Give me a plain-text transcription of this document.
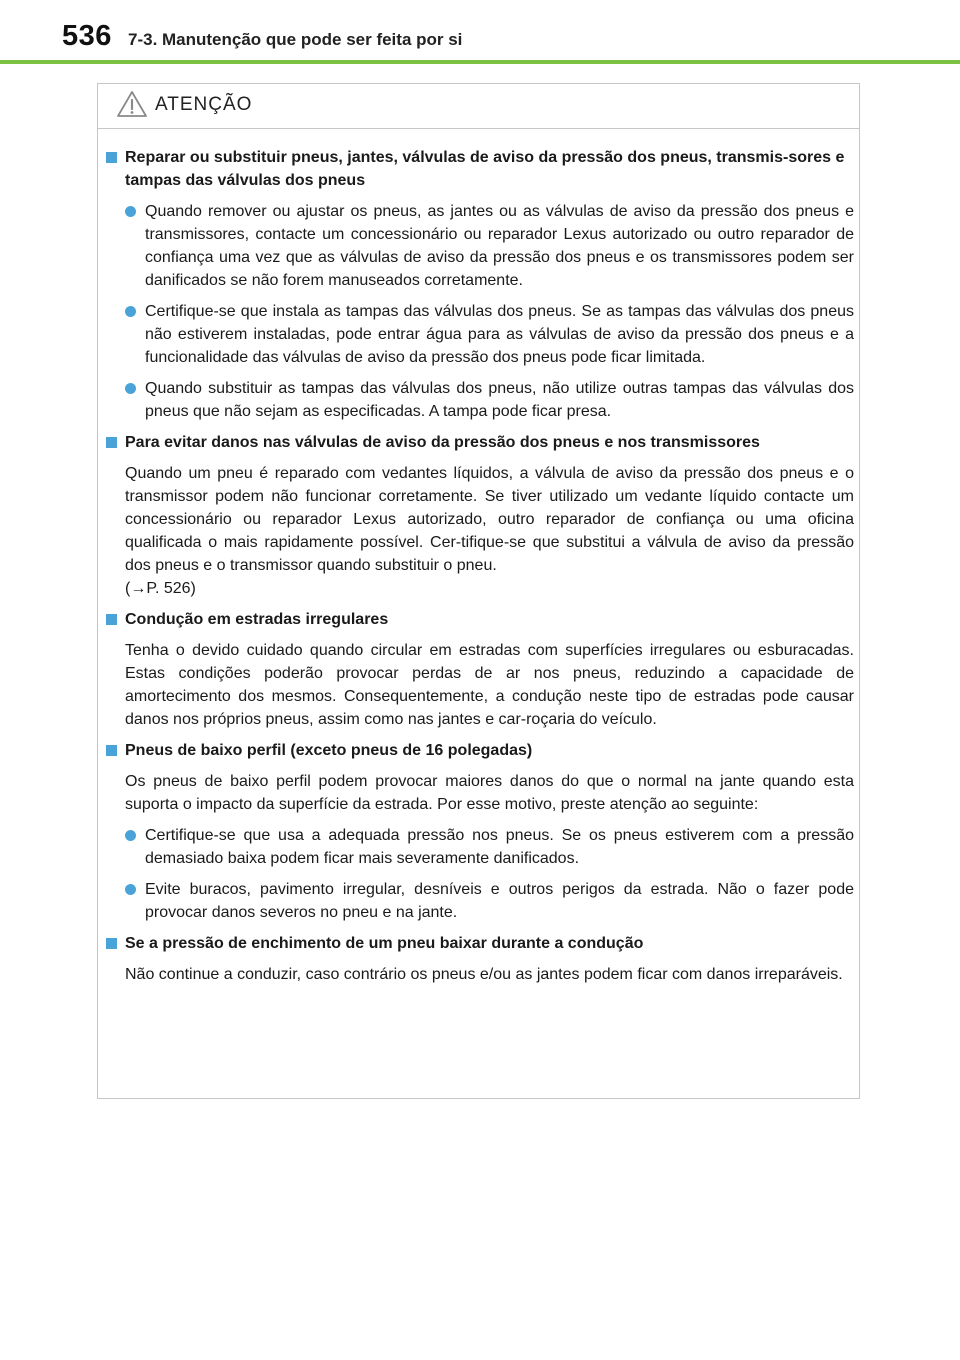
536 7-3. Manutenção que pode ser feita por si
ATENÇÃO
Reparar ou substituir pneus, jantes, válvulas de aviso da pressão dos pneus, transmis-sores e tampas das válvulas dos pneus
Quando remover ou ajustar os pneus, as jantes ou as válvulas de aviso da pressão dos pneus e transmissores, contacte um concessionário ou reparador Lexus autorizado ou outro reparador de confiança uma vez que as válvulas de aviso da pressão dos pneus e os transmissores podem ser danificados se não forem manuseados corretamente.
Certifique-se que instala as tampas das válvulas dos pneus. Se as tampas das válvulas dos pneus não estiverem instaladas, pode entrar água para as válvulas de aviso da pressão dos pneus e a funcionalidade das válvulas de aviso da pressão dos pneus pode ficar limitada.
Quando substituir as tampas das válvulas dos pneus, não utilize outras tampas das válvulas dos pneus que não sejam as especificadas. A tampa pode ficar presa.
Para evitar danos nas válvulas de aviso da pressão dos pneus e nos transmissores
Quando um pneu é reparado com vedantes líquidos, a válvula de aviso da pressão dos pneus e o transmissor podem não funcionar corretamente. Se tiver utilizado um vedante líquido contacte um concessionário ou reparador Lexus autorizado, outro reparador de confiança ou uma oficina qualificada o mais rapidamente possível. Cer-tifique-se que substitui a válvula de aviso da pressão dos pneus e o transmissor quando substituir o pneu.
(→P. 526)
Condução em estradas irregulares
Tenha o devido cuidado quando circular em estradas com superfícies irregulares ou esburacadas. Estas condições poderão provocar perdas de ar nos pneus, reduzindo a capacidade de amortecimento dos mesmos. Consequentemente, a condução neste tipo de estradas pode causar danos nos próprios pneus, assim como nas jantes e car-roçaria do veículo.
Pneus de baixo perfil (exceto pneus de 16 polegadas)
Os pneus de baixo perfil podem provocar maiores danos do que o normal na jante quando esta suporta o impacto da superfície da estrada. Por esse motivo, preste atenção ao seguinte:
Certifique-se que usa a adequada pressão nos pneus. Se os pneus estiverem com a pressão demasiado baixa podem ficar mais severamente danificados.
Evite buracos, pavimento irregular, desníveis e outros perigos da estrada. Não o fazer pode provocar danos severos no pneu e na jante.
Se a pressão de enchimento de um pneu baixar durante a condução
Não continue a conduzir, caso contrário os pneus e/ou as jantes podem ficar com danos irreparáveis.
